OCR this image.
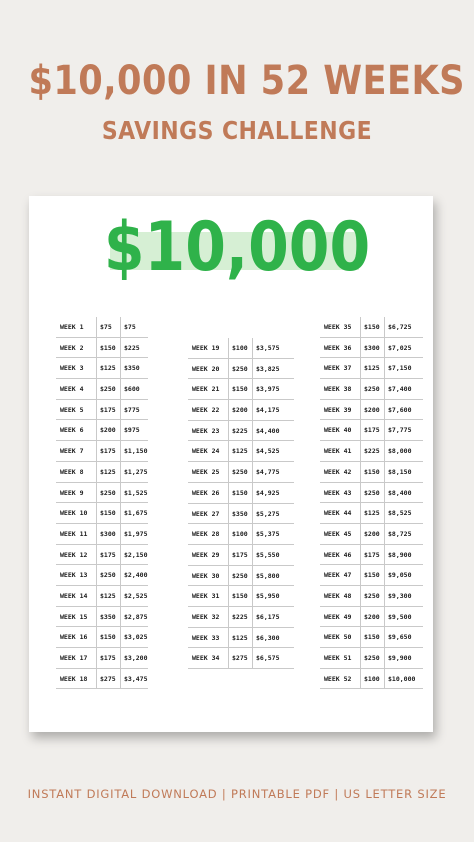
$10,000 IN 52 WEEKS
SAVINGS CHALLENGE
$10,000
WEEK 1	$75 $75
WEEK 2	$150 $225
WEEK 3	$125 $350
WEEK 4	$250 $600
WEEK 5	$175 $775
WEEK 6	$200 $975
WEEK 7	$175 $1,150
WEEK 8	$125 $1,275
WEEK 9	$250 $1,525
WEEK 10 $150 $1,675
WEEK 11 $300 $1,975
WEEK 12 $175 $2,150
WEEK 13 $250 $2,400
WEEK 14 $125 $2,525
WEEK 15 $350 $2,875
WEEK 16 $150 $3,025
WEEK 17 $175 $3,200
WEEK 18 $275 $3,475
WEEK 19 $100 $3,575
WEEK 20 $250 $3,825
WEEK 21 $150 $3,975
WEEK 22 $200 $4,175
WEEK 23 $225 $4,400
WEEK 24 $125 $4,525
WEEK 25 $250 $4,775
WEEK 26 $150 $4,925
WEEK 27 $350 $5,275
WEEK 28 $100 $5,375
WEEK 29 $175 $5,550
WEEK 30 $250 $5,800
WEEK 31 $150 $5,950
WEEK 32 $225 $6,175
WEEK 33 $125 $6,300
WEEK 34 $275 $6,575
WEEK 35 $150 $6,725
WEEK 36 $300 $7,025
WEEK 37 $125 $7,150
WEEK 38 $250 $7,400
WEEK 39 $200 $7,600
WEEK 40 $175 $7,775
WEEK 41 $225 $8,000
WEEK 42 $150 $8,150
WEEK 43 $250 $8,400
WEEK 44 $125 $8,525
WEEK 45 $200 $8,725
WEEK 46 $175 $8,900
WEEK 47 $150 $9,050
WEEK 48 $250 $9,300
WEEK 49 $200 $9,500
WEEK 50 $150 $9,650
WEEK 51 $250 $9,900
WEEK 52 $100 $10,000
INSTANT DIGITAL DOWNLOAD | PRINTABLE PDF | US LETTER SIZE
